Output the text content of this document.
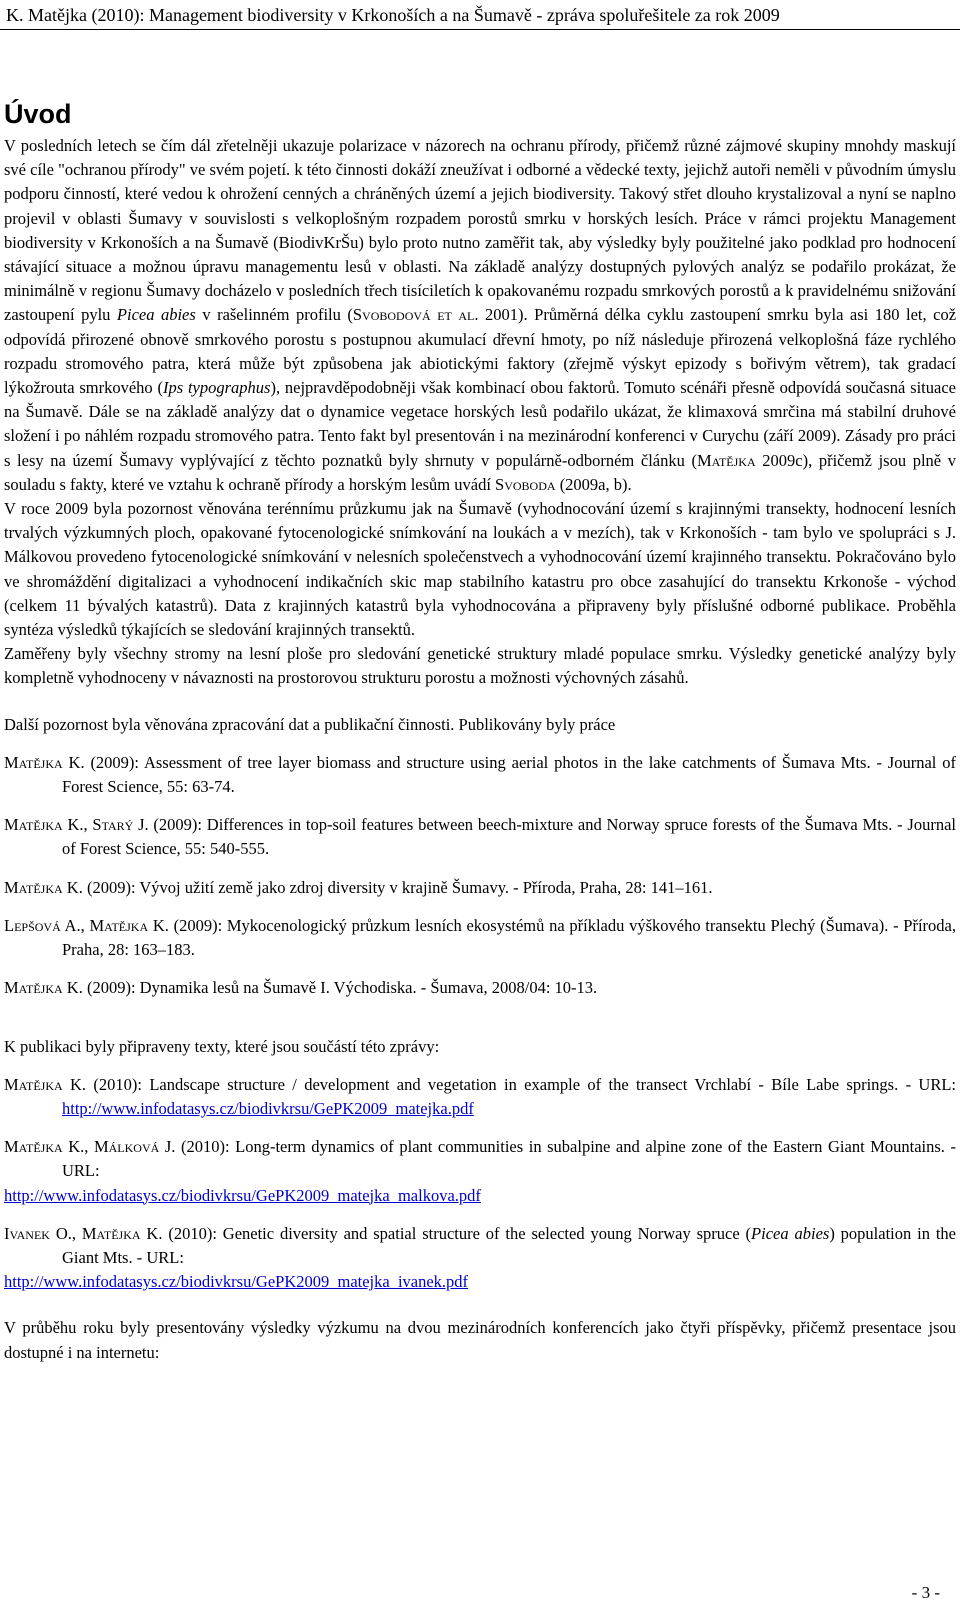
K. Matějka (2010): Management biodiversity v Krkonoších a na Šumavě - zpráva spoluřešitele za rok 2009
Úvod

V posledních letech se čím dál zřetelněji ukazuje polarizace v názorech na ochranu přírody, přičemž různé zájmové skupiny mnohdy maskují své cíle "ochranou přírody" ve svém pojetí. k této činnosti dokáží zneužívat i odborné a vědecké texty, jejichž autoři neměli v původním úmyslu podporu činností, které vedou k ohrožení cenných a chráněných území a jejich biodiversity. Takový střet dlouho krystalizoval a nyní se naplno projevil v oblasti Šumavy v souvislosti s velkoplošným rozpadem porostů smrku v horských lesích. Práce v rámci projektu Management biodiversity v Krkonoších a na Šumavě (BiodivKrŠu) bylo proto nutno zaměřit tak, aby výsledky byly použitelné jako podklad pro hodnocení stávající situace a možnou úpravu managementu lesů v oblasti. Na základě analýzy dostupných pylových analýz se podařilo prokázat, že minimálně v regionu Šumavy docházelo v posledních třech tisíciletích k opakovanému rozpadu smrkových porostů a k pravidelnému snižování zastoupení pylu Picea abies v rašelinném profilu (Svobodová et al. 2001). Průměrná délka cyklu zastoupení smrku byla asi 180 let, což odpovídá přirozené obnově smrkového porostu s postupnou akumulací dřevní hmoty, po níž následuje přirozená velkoplošná fáze rychlého rozpadu stromového patra, která může být způsobena jak abiotickými faktory (zřejmě výskyt epizody s bořivým větrem), tak gradací lýkožrouta smrkového (Ips typographus), nejpravděpodobněji však kombinací obou faktorů. Tomuto scénáři přesně odpovídá současná situace na Šumavě. Dále se na základě analýzy dat o dynamice vegetace horských lesů podařilo ukázat, že klimaxová smrčina má stabilní druhové složení i po náhlém rozpadu stromového patra. Tento fakt byl presentován i na mezinárodní konferenci v Curychu (září 2009). Zásady pro práci s lesy na území Šumavy vyplývající z těchto poznatků byly shrnuty v populárně-odborném článku (Matějka 2009c), přičemž jsou plně v souladu s fakty, které ve vztahu k ochraně přírody a horským lesům uvádí Svoboda (2009a, b).

V roce 2009 byla pozornost věnována terénnímu průzkumu jak na Šumavě (vyhodnocování území s krajinnými transekty, hodnocení lesních trvalých výzkumných ploch, opakované fytocenologické snímkování na loukách a v mezích), tak v Krkonoších - tam bylo ve spolupráci s J. Málkovou provedeno fytocenologické snímkování v nelesních společenstvech a vyhodnocování území krajinného transektu. Pokračováno bylo ve shromáždění digitalizaci a vyhodnocení indikačních skic map stabilního katastru pro obce zasahující do transektu Krkonoše - východ (celkem 11 bývalých katastrů). Data z krajinných katastrů byla vyhodnocována a připraveny byly příslušné odborné publikace. Proběhla syntéza výsledků týkajících se sledování krajinných transektů.

Zaměřeny byly všechny stromy na lesní ploše pro sledování genetické struktury mladé populace smrku. Výsledky genetické analýzy byly kompletně vyhodnoceny v návaznosti na prostorovou strukturu porostu a možnosti výchovných zásahů.

Další pozornost byla věnována zpracování dat a publikační činnosti. Publikovány byly práce

Matějka K. (2009): Assessment of tree layer biomass and structure using aerial photos in the lake catchments of Šumava Mts. - Journal of Forest Science, 55: 63-74.

Matějka K., Starý J. (2009): Differences in top-soil features between beech-mixture and Norway spruce forests of the Šumava Mts. - Journal of Forest Science, 55: 540-555.

Matějka K. (2009): Vývoj užití země jako zdroj diversity v krajině Šumavy. - Příroda, Praha, 28: 141–161.

Lepšová A., Matějka K. (2009): Mykocenologický průzkum lesních ekosystémů na příkladu výškového transektu Plechý (Šumava). - Příroda, Praha, 28: 163–183.

Matějka K. (2009): Dynamika lesů na Šumavě I. Východiska. - Šumava, 2008/04: 10-13.

K publikaci byly připraveny texty, které jsou součástí této zprávy:

Matějka K. (2010): Landscape structure / development and vegetation in example of the transect Vrchlabí - Bíle Labe springs. - URL: http://www.infodatasys.cz/biodivkrsu/GePK2009_matejka.pdf

Matějka K., Málková J. (2010): Long-term dynamics of plant communities in subalpine and alpine zone of the Eastern Giant Mountains. - URL:
http://www.infodatasys.cz/biodivkrsu/GePK2009_matejka_malkova.pdf

Ivanek O., Matějka K. (2010): Genetic diversity and spatial structure of the selected young Norway spruce (Picea abies) population in the Giant Mts. - URL:
http://www.infodatasys.cz/biodivkrsu/GePK2009_matejka_ivanek.pdf

V průběhu roku byly presentovány výsledky výzkumu na dvou mezinárodních konferencích jako čtyři příspěvky, přičemž presentace jsou dostupné i na internetu:

- 3 -
